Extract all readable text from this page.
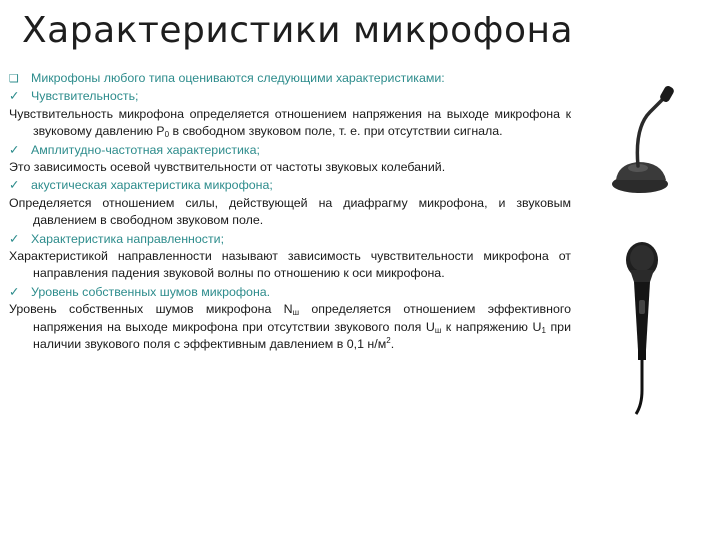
Характеристики микрофона

❑ Микрофоны любого типа оцениваются следующими характеристиками:

✓ Чувствительность;

Чувствительность микрофона определяется отношением напряжения на выходе микрофона к звуковому давлению $Р_0$ в свободном звуковом поле, т. е. при отсутствии сигнала.

✓ Амплитудно-частотная характеристика;

Это зависимость осевой чувствительности от частоты звуковых колебаний.

✓ акустическая характеристика микрофона;

Определяется отношением силы, действующей на диафрагму микрофона, и звуковым давлением в свободном звуковом поле.

✓ Характеристика направленности;

Характеристикой направленности называют зависимость чувствительности микрофона от направления падения звуковой волны по отношению к оси микрофона.

✓ Уровень собственных шумов микрофона.

Уровень собственных шумов микрофона $N_ш$ определяется отношением эффективного напряжения на выходе микрофона при отсутствии звукового поля $U_ш$ к напряжению $U_1$ при наличии звукового поля с эффективным давлением в 0,1 $н/м^2$.
